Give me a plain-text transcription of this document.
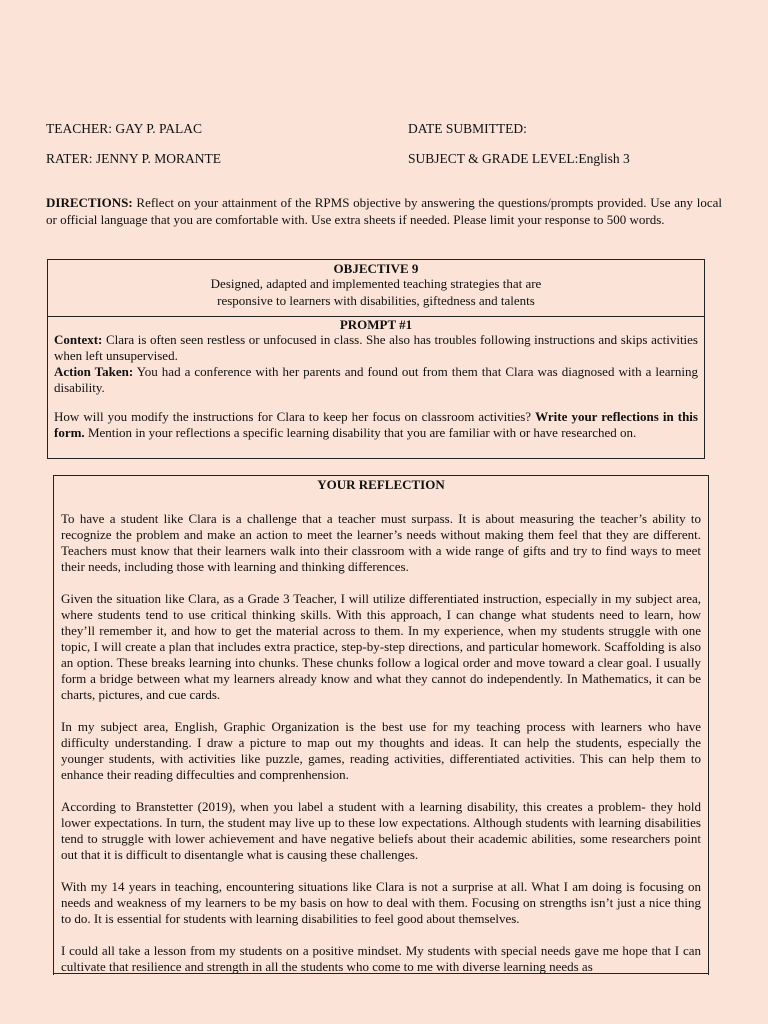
TEACHER: GAY P. PALAC	DATE SUBMITTED:
RATER: JENNY P. MORANTE	SUBJECT & GRADE LEVEL:English 3
DIRECTIONS: Reflect on your attainment of the RPMS objective by answering the questions/prompts provided. Use any local or official language that you are comfortable with. Use extra sheets if needed. Please limit your response to 500 words.
OBJECTIVE 9
Designed, adapted and implemented teaching strategies that are
responsive to learners with disabilities, giftedness and talents
PROMPT #1

Context: Clara is often seen restless or unfocused in class. She also has troubles following instructions and skips activities when left unsupervised.

Action Taken: You had a conference with her parents and found out from them that Clara was diagnosed with a learning disability.

How will you modify the instructions for Clara to keep her focus on classroom activities? Write your reflections in this form. Mention in your reflections a specific learning disability that you are familiar with or have researched on.

YOUR REFLECTION

To have a student like Clara is a challenge that a teacher must surpass. It is about measuring the teacher’s ability to recognize the problem and make an action to meet the learner’s needs without making them feel that they are different. Teachers must know that their learners walk into their classroom with a wide range of gifts and try to find ways to meet their needs, including those with learning and thinking differences.

Given the situation like Clara, as a Grade 3 Teacher, I will utilize differentiated instruction, especially in my subject area, where students tend to use critical thinking skills. With this approach, I can change what students need to learn, how they’ll remember it, and how to get the material across to them. In my experience, when my students struggle with one topic, I will create a plan that includes extra practice, step-by-step directions, and particular homework. Scaffolding is also an option. These breaks learning into chunks. These chunks follow a logical order and move toward a clear goal. I usually form a bridge between what my learners already know and what they cannot do independently. In Mathematics, it can be charts, pictures, and cue cards.

In my subject area, English, Graphic Organization is the best use for my teaching process with learners who have difficulty understanding. I draw a picture to map out my thoughts and ideas. It can help the students, especially the younger students, with activities like puzzle, games, reading activities, differentiated activities. This can help them to enhance their reading diffeculties and comprenhension.

According to Branstetter (2019), when you label a student with a learning disability, this creates a problem- they hold lower expectations. In turn, the student may live up to these low expectations. Although students with learning disabilities tend to struggle with lower achievement and have negative beliefs about their academic abilities, some researchers point out that it is difficult to disentangle what is causing these challenges.

With my 14 years in teaching, encountering situations like Clara is not a surprise at all. What I am doing is focusing on needs and weakness of my learners to be my basis on how to deal with them. Focusing on strengths isn’t just a nice thing to do. It is essential for students with learning disabilities to feel good about themselves.

I could all take a lesson from my students on a positive mindset. My students with special needs gave me hope that I can cultivate that resilience and strength in all the students who come to me with diverse learning needs as
